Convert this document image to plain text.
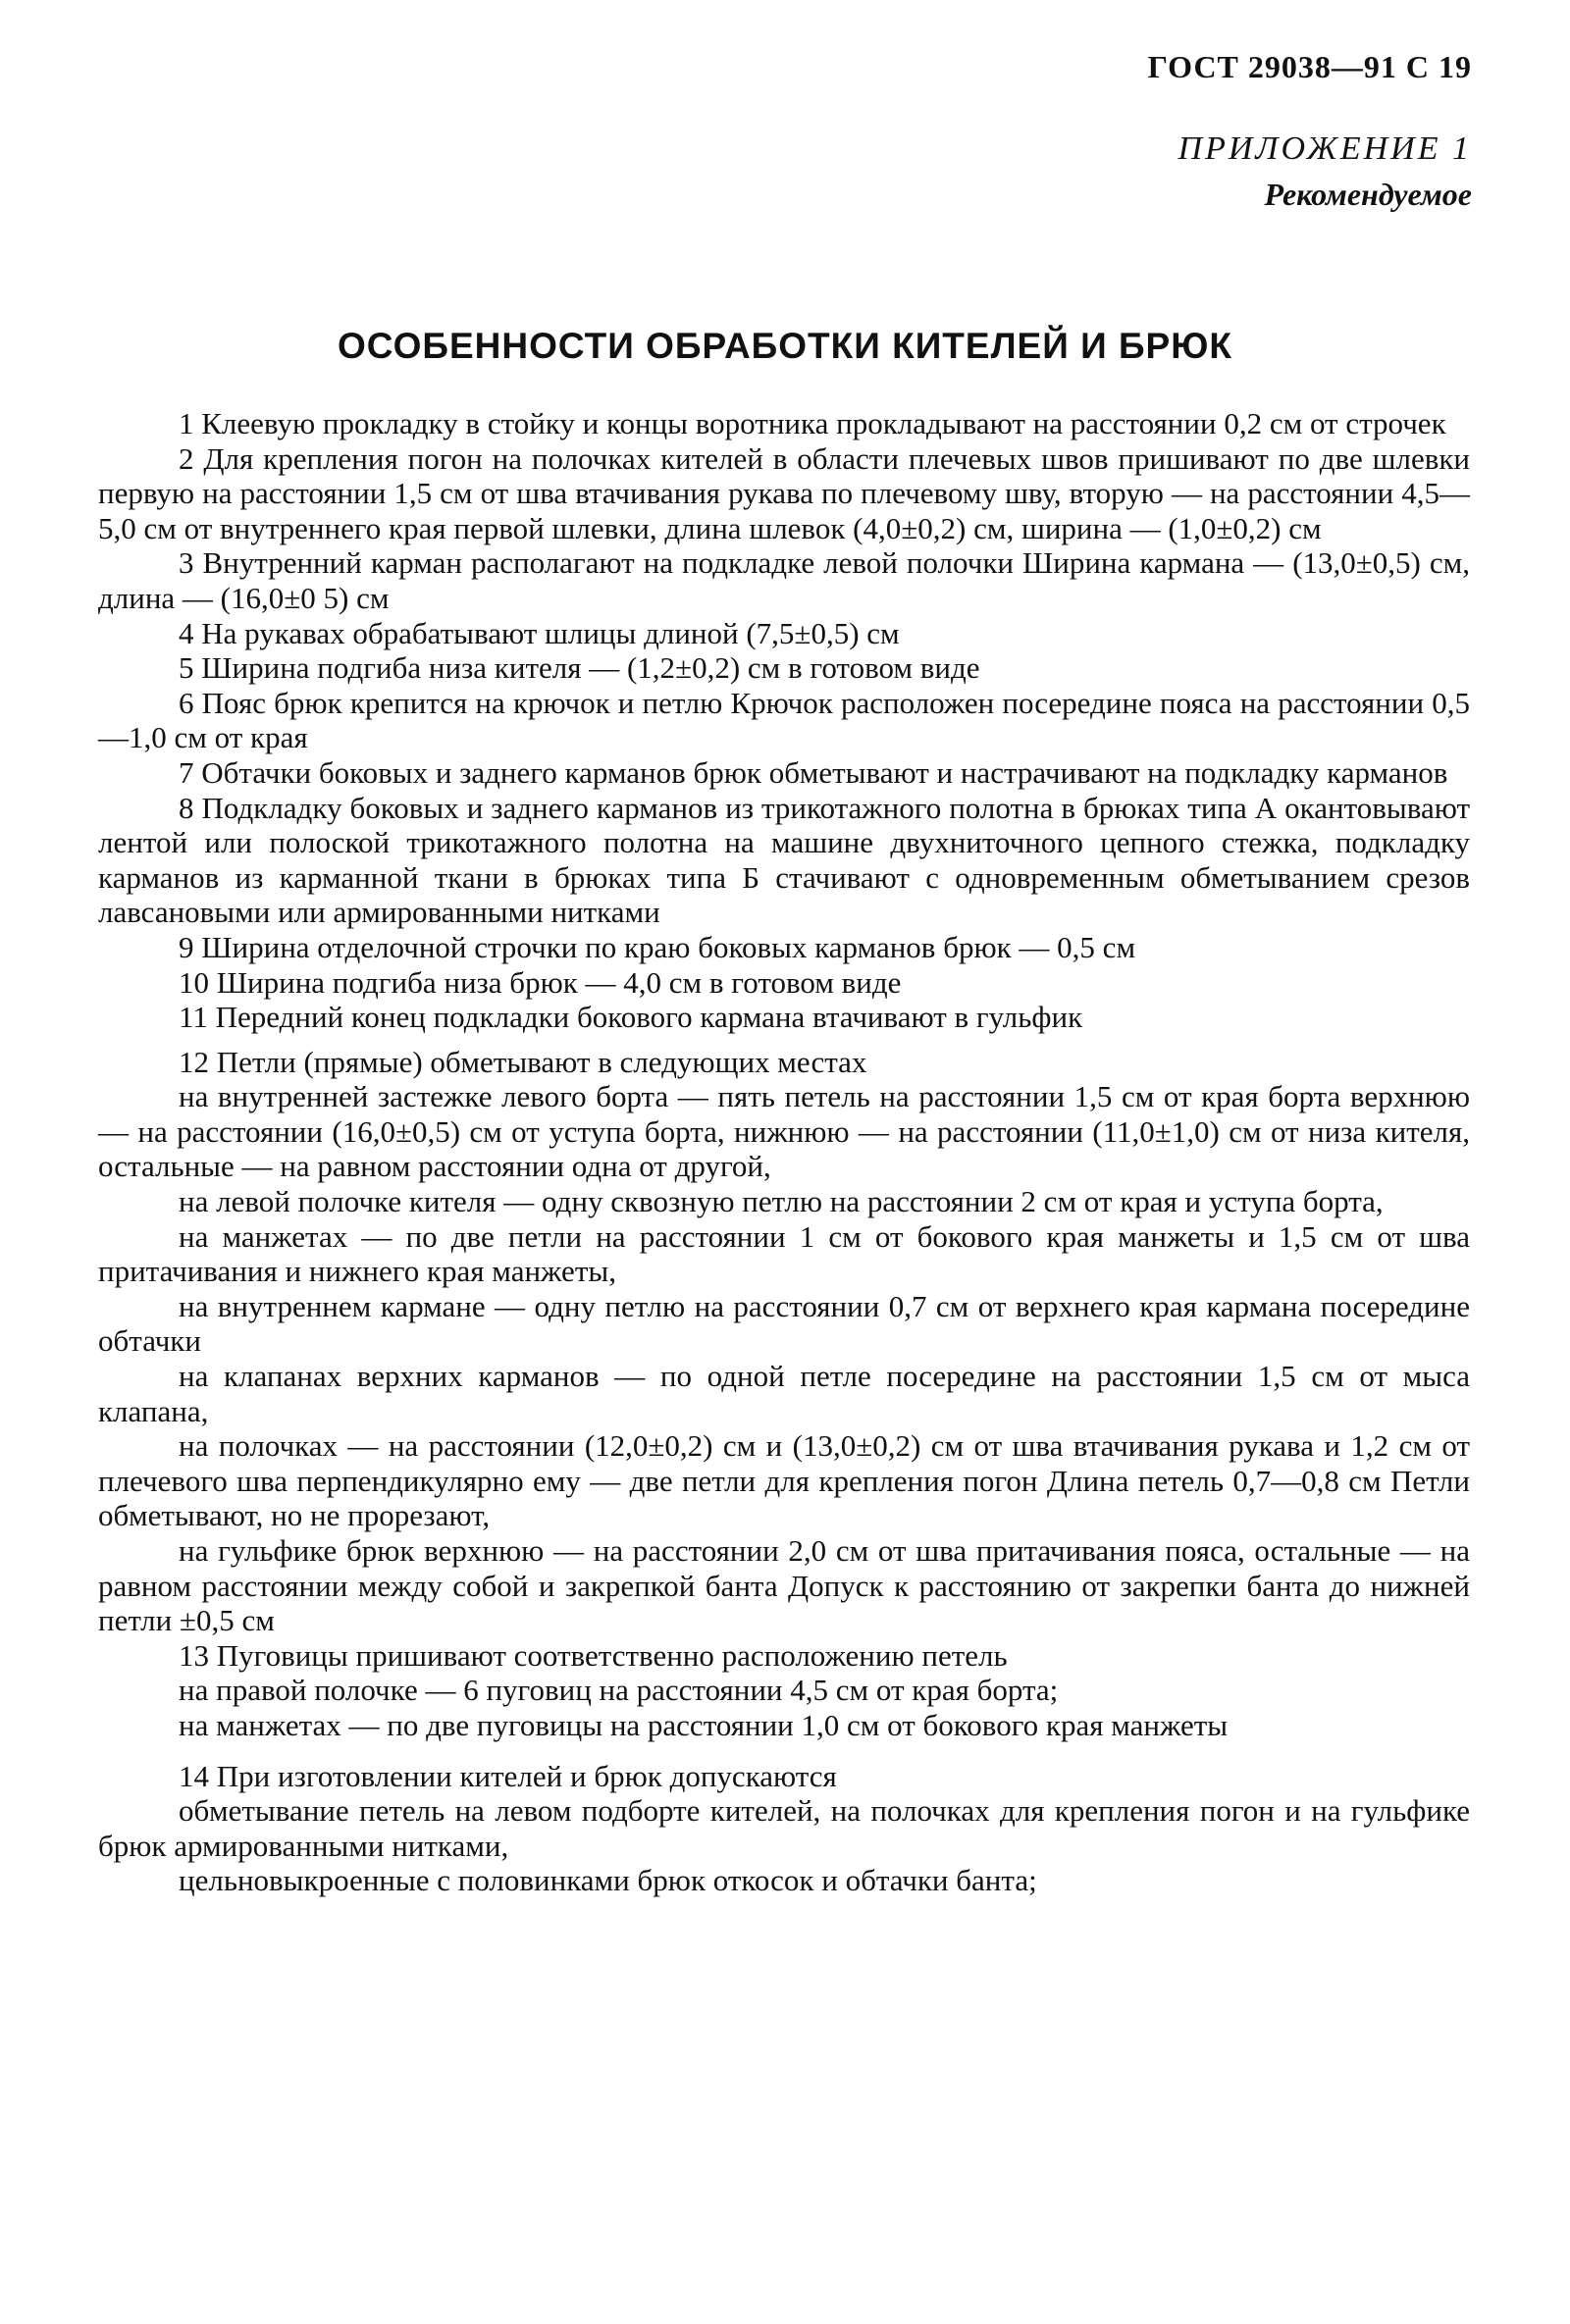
ГОСТ 29038—91 С 19
ПРИЛОЖЕНИЕ 1
Рекомендуемое
ОСОБЕННОСТИ ОБРАБОТКИ КИТЕЛЕЙ И БРЮК

1 Клеевую прокладку в стойку и концы воротника прокладывают на расстоянии 0,2 см от строчек

2 Для крепления погон на полочках кителей в области плечевых швов пришивают по две шлевки первую на расстоянии 1,5 см от шва втачивания рукава по плечевому шву, вторую — на расстоянии 4,5—5,0 см от внутреннего края первой шлевки, длина шлевок (4,0±0,2) см, ширина — (1,0±0,2) см

3 Внутренний карман располагают на подкладке левой полочки Ширина кармана — (13,0±0,5) см, длина — (16,0±0 5) см

4 На рукавах обрабатывают шлицы длиной (7,5±0,5) см

5 Ширина подгиба низа кителя — (1,2±0,2) см в готовом виде

6 Пояс брюк крепится на крючок и петлю Крючок расположен посередине пояса на расстоянии 0,5—1,0 см от края

7 Обтачки боковых и заднего карманов брюк обметывают и настрачивают на подкладку карманов

8 Подкладку боковых и заднего карманов из трикотажного полотна в брюках типа А окантовывают лентой или полоской трикотажного полотна на машине двухниточного цепного стежка, подкладку карманов из карманной ткани в брюках типа Б стачивают с одновременным обметыванием срезов лавсановыми или армированными нитками

9 Ширина отделочной строчки по краю боковых карманов брюк — 0,5 см

10 Ширина подгиба низа брюк — 4,0 см в готовом виде

11 Передний конец подкладки бокового кармана втачивают в гульфик

12 Петли (прямые) обметывают в следующих местах

на внутренней застежке левого борта — пять петель на расстоянии 1,5 см от края борта верхнюю — на расстоянии (16,0±0,5) см от уступа борта, нижнюю — на расстоянии (11,0±1,0) см от низа кителя, остальные — на равном расстоянии одна от другой,

на левой полочке кителя — одну сквозную петлю на расстоянии 2 см от края и уступа борта,

на манжетах — по две петли на расстоянии 1 см от бокового края манжеты и 1,5 см от шва притачивания и нижнего края манжеты,

на внутреннем кармане — одну петлю на расстоянии 0,7 см от верхнего края кармана посередине обтачки

на клапанах верхних карманов — по одной петле посередине на расстоянии 1,5 см от мыса клапана,

на полочках — на расстоянии (12,0±0,2) см и (13,0±0,2) см от шва втачивания рукава и 1,2 см от плечевого шва перпендикулярно ему — две петли для крепления погон Длина петель 0,7—0,8 см Петли обметывают, но не прорезают,

на гульфике брюк верхнюю — на расстоянии 2,0 см от шва притачивания пояса, остальные — на равном расстоянии между собой и закрепкой банта Допуск к расстоянию от закрепки банта до нижней петли ±0,5 см

13 Пуговицы пришивают соответственно расположению петель

на правой полочке — 6 пуговиц на расстоянии 4,5 см от края борта;

на манжетах — по две пуговицы на расстоянии 1,0 см от бокового края манжеты

14 При изготовлении кителей и брюк допускаются

обметывание петель на левом подборте кителей, на полочках для крепления погон и на гульфике брюк армированными нитками,

цельновыкроенные с половинками брюк откосок и обтачки банта;
